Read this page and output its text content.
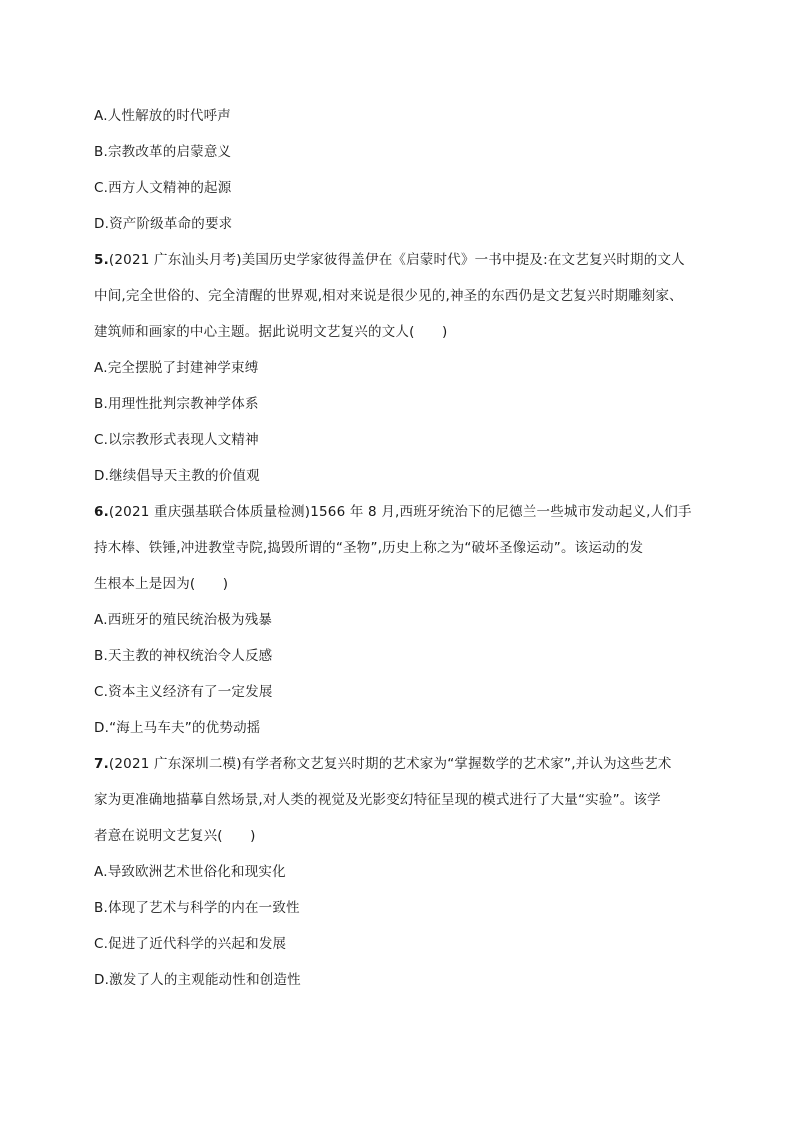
A.人性解放的时代呼声
B.宗教改革的启蒙意义
C.西方人文精神的起源
D.资产阶级革命的要求
5.(2021 广东汕头月考)美国历史学家彼得盖伊在《启蒙时代》一书中提及:在文艺复兴时期的文人
中间,完全世俗的、完全清醒的世界观,相对来说是很少见的,神圣的东西仍是文艺复兴时期雕刻家、
建筑师和画家的中心主题。据此说明文艺复兴的文人(　　)
A.完全摆脱了封建神学束缚
B.用理性批判宗教神学体系
C.以宗教形式表现人文精神
D.继续倡导天主教的价值观
6.(2021 重庆强基联合体质量检测)1566 年 8 月,西班牙统治下的尼德兰一些城市发动起义,人们手
持木棒、铁锤,冲进教堂寺院,捣毁所谓的“圣物”,历史上称之为“破坏圣像运动”。该运动的发
生根本上是因为(　　)
A.西班牙的殖民统治极为残暴
B.天主教的神权统治令人反感
C.资本主义经济有了一定发展
D.“海上马车夫”的优势动摇
7.(2021 广东深圳二模)有学者称文艺复兴时期的艺术家为“掌握数学的艺术家”,并认为这些艺术
家为更准确地描摹自然场景,对人类的视觉及光影变幻特征呈现的模式进行了大量“实验”。该学
者意在说明文艺复兴(　　)
A.导致欧洲艺术世俗化和现实化
B.体现了艺术与科学的内在一致性
C.促进了近代科学的兴起和发展
D.激发了人的主观能动性和创造性
